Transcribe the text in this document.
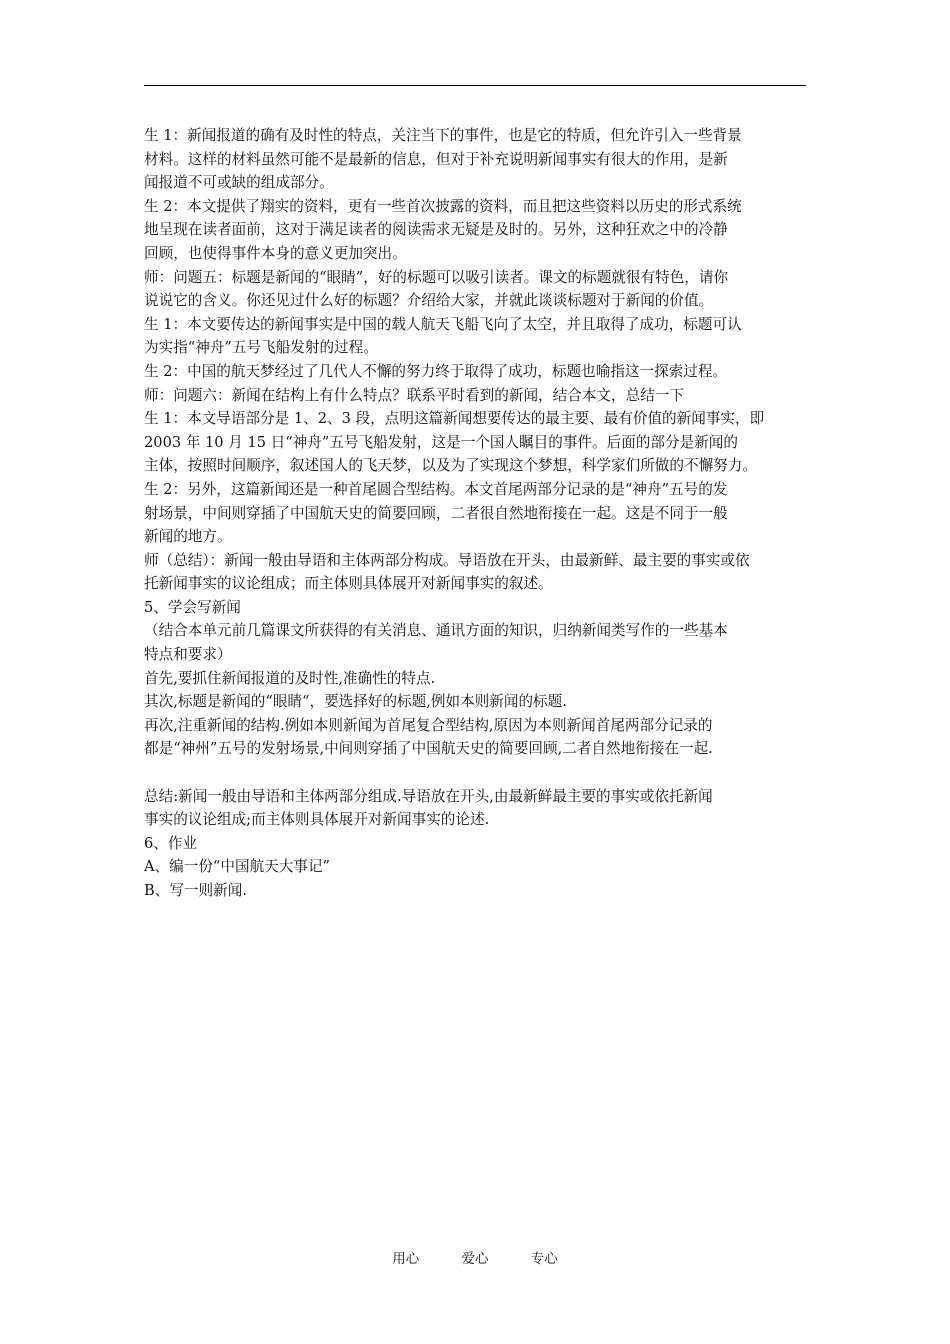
生 1：新闻报道的确有及时性的特点，关注当下的事件，也是它的特质，但允许引入一些背景
材料。这样的材料虽然可能不是最新的信息，但对于补充说明新闻事实有很大的作用，是新
闻报道不可或缺的组成部分。
生 2：本文提供了翔实的资料，更有一些首次披露的资料，而且把这些资料以历史的形式系统
地呈现在读者面前，这对于满足读者的阅读需求无疑是及时的。另外，这种狂欢之中的冷静
回顾，也使得事件本身的意义更加突出。
师：问题五：标题是新闻的“眼睛”，好的标题可以吸引读者。课文的标题就很有特色，请你
说说它的含义。你还见过什么好的标题？介绍给大家，并就此谈谈标题对于新闻的价值。
生 1：本文要传达的新闻事实是中国的载人航天飞船飞向了太空，并且取得了成功，标题可认
为实指“神舟”五号飞船发射的过程。
生 2：中国的航天梦经过了几代人不懈的努力终于取得了成功，标题也喻指这一探索过程。
师：问题六：新闻在结构上有什么特点？联系平时看到的新闻，结合本文，总结一下
生 1：本文导语部分是 1、2、3 段，点明这篇新闻想要传达的最主要、最有价值的新闻事实，即
2003 年 10 月 15 日“神舟”五号飞船发射，这是一个国人瞩目的事件。后面的部分是新闻的
主体，按照时间顺序，叙述国人的飞天梦，以及为了实现这个梦想，科学家们所做的不懈努力。
生 2：另外，这篇新闻还是一种首尾圆合型结构。本文首尾两部分记录的是“神舟”五号的发
射场景，中间则穿插了中国航天史的简要回顾，二者很自然地衔接在一起。这是不同于一般
新闻的地方。
师（总结）：新闻一般由导语和主体两部分构成。导语放在开头，由最新鲜、最主要的事实或依
托新闻事实的议论组成；而主体则具体展开对新闻事实的叙述。
5、学会写新闻
（结合本单元前几篇课文所获得的有关消息、通讯方面的知识，归纳新闻类写作的一些基本
特点和要求）
首先,要抓住新闻报道的及时性,准确性的特点.
其次,标题是新闻的“眼睛“，要选择好的标题,例如本则新闻的标题.
再次,注重新闻的结构.例如本则新闻为首尾复合型结构,原因为本则新闻首尾两部分记录的
都是“神州”五号的发射场景,中间则穿插了中国航天史的简要回顾,二者自然地衔接在一起.
总结:新闻一般由导语和主体两部分组成.导语放在开头,由最新鲜最主要的事实或依托新闻
事实的议论组成;而主体则具体展开对新闻事实的论述.
6、作业
A、编一份“中国航天大事记”
B、写一则新闻.
用心	爱心	专心
